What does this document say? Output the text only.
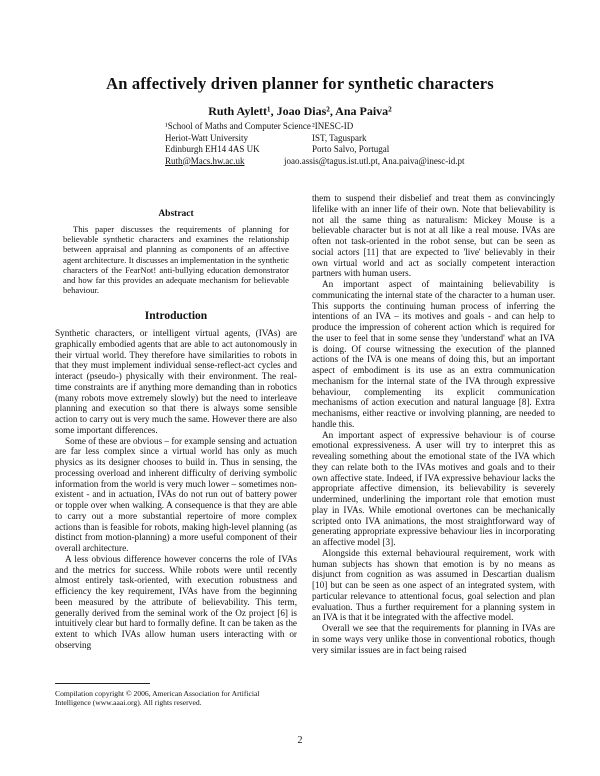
An affectively driven planner for synthetic characters
Ruth Aylett¹, Joao Dias², Ana Paiva²
¹School of Maths and Computer Science
Heriot-Watt University
Edinburgh EH14 4AS UK
Ruth@Macs.hw.ac.uk
²INESC-ID
IST, Taguspark
Porto Salvo, Portugal
joao.assis@tagus.ist.utl.pt, Ana.paiva@inesc-id.pt
Abstract

This paper discusses the requirements of planning for believable synthetic characters and examines the relationship between appraisal and planning as components of an affective agent architecture. It discusses an implementation in the synthetic characters of the FearNot! anti-bullying education demonstrator and how far this provides an adequate mechanism for believable behaviour.

Introduction

Synthetic characters, or intelligent virtual agents, (IVAs) are graphically embodied agents that are able to act autonomously in their virtual world. They therefore have similarities to robots in that they must implement individual sense-reflect-act cycles and interact (pseudo-) physically with their environment. The real-time constraints are if anything more demanding than in robotics (many robots move extremely slowly) but the need to interleave planning and execution so that there is always some sensible action to carry out is very much the same. However there are also some important differences.

Some of these are obvious – for example sensing and actuation are far less complex since a virtual world has only as much physics as its designer chooses to build in. Thus in sensing, the processing overload and inherent difficulty of deriving symbolic information from the world is very much lower – sometimes non-existent - and in actuation, IVAs do not run out of battery power or topple over when walking. A consequence is that they are able to carry out a more substantial repertoire of more complex actions than is feasible for robots, making high-level planning (as distinct from motion-planning) a more useful component of their overall architecture.

A less obvious difference however concerns the role of IVAs and the metrics for success. While robots were until recently almost entirely task-oriented, with execution robustness and efficiency the key requirement, IVAs have from the beginning been measured by the attribute of believability. This term, generally derived from the seminal work of the Oz project [6] is intuitively clear but hard to formally define. It can be taken as the extent to which IVAs allow human users interacting with or observing

Compilation copyright © 2006, American Association for Artificial Intelligence (www.aaai.org). All rights reserved.

them to suspend their disbelief and treat them as convincingly lifelike with an inner life of their own. Note that believability is not all the same thing as naturalism: Mickey Mouse is a believable character but is not at all like a real mouse. IVAs are often not task-oriented in the robot sense, but can be seen as social actors [11] that are expected to 'live' believably in their own virtual world and act as socially competent interaction partners with human users.

An important aspect of maintaining believability is communicating the internal state of the character to a human user. This supports the continuing human process of inferring the intentions of an IVA – its motives and goals - and can help to produce the impression of coherent action which is required for the user to feel that in some sense they 'understand' what an IVA is doing. Of course witnessing the execution of the planned actions of the IVA is one means of doing this, but an important aspect of embodiment is its use as an extra communication mechanism for the internal state of the IVA through expressive behaviour, complementing its explicit communication mechanisms of action execution and natural language [8]. Extra mechanisms, either reactive or involving planning, are needed to handle this.

An important aspect of expressive behaviour is of course emotional expressiveness. A user will try to interpret this as revealing something about the emotional state of the IVA which they can relate both to the IVAs motives and goals and to their own affective state. Indeed, if IVA expressive behaviour lacks the appropriate affective dimension, its believability is severely undermined, underlining the important role that emotion must play in IVAs. While emotional overtones can be mechanically scripted onto IVA animations, the most straightforward way of generating appropriate expressive behaviour lies in incorporating an affective model [3].

Alongside this external behavioural requirement, work with human subjects has shown that emotion is by no means as disjunct from cognition as was assumed in Descartian dualism [10] but can be seen as one aspect of an integrated system, with particular relevance to attentional focus, goal selection and plan evaluation. Thus a further requirement for a planning system in an IVA is that it be integrated with the affective model.

Overall we see that the requirements for planning in IVAs are in some ways very unlike those in conventional robotics, though very similar issues are in fact being raised

2
